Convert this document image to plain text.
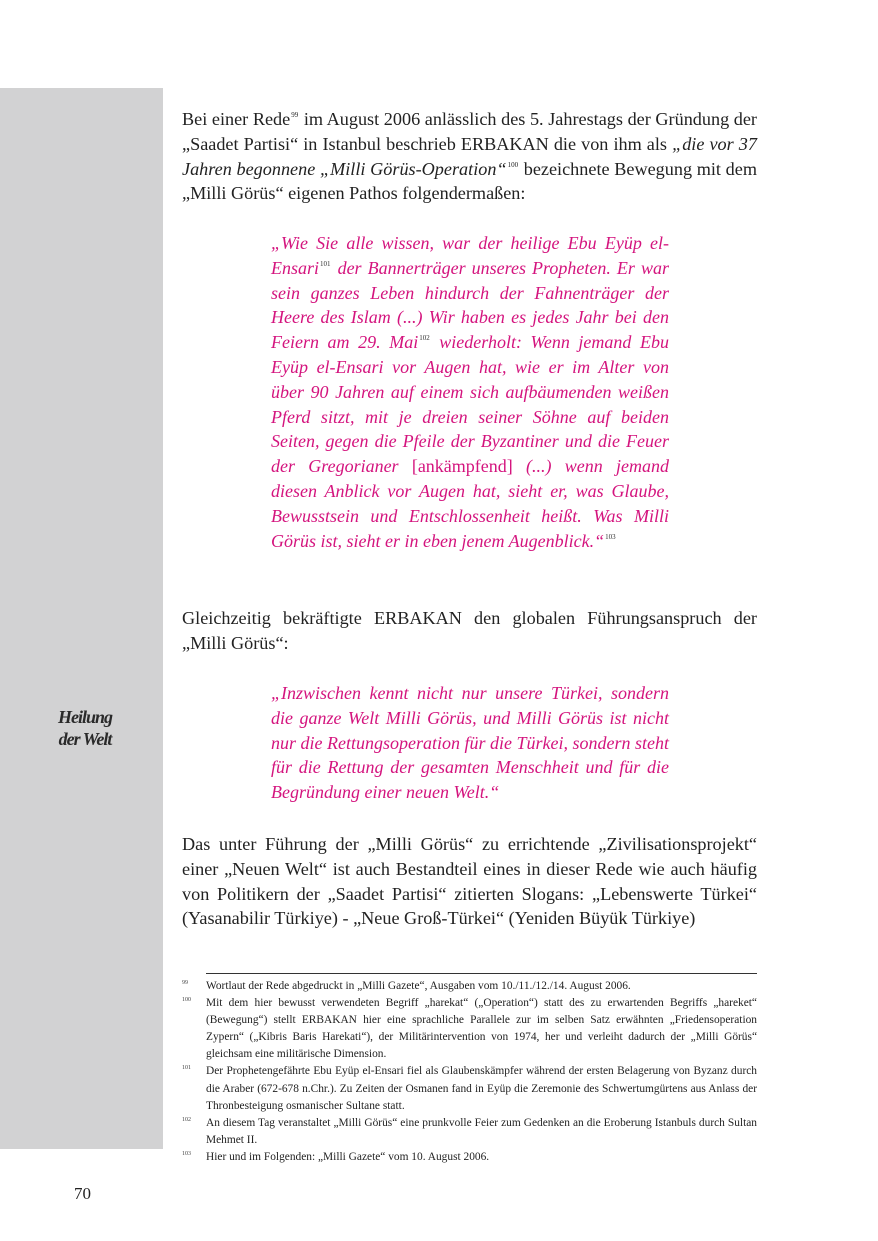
Heilung
der Welt

Bei einer Rede$^{99}$ im August 2006 anlässlich des 5. Jahrestags der Gründung der „Saadet Partisi“ in Istanbul beschrieb ERBAKAN die von ihm als „die vor 37 Jahren begonnene „Milli Görüs-Operation“$^{100}$ bezeichnete Bewegung mit dem „Milli Görüs“ eigenen Pathos folgendermaßen:

„Wie Sie alle wissen, war der heilige Ebu Eyüp el-Ensari$^{101}$ der Bannerträger unseres Propheten. Er war sein ganzes Leben hindurch der Fahnenträger der Heere des Islam (...) Wir haben es jedes Jahr bei den Feiern am 29. Mai$^{102}$ wiederholt: Wenn jemand Ebu Eyüp el-Ensari vor Augen hat, wie er im Alter von über 90 Jahren auf einem sich aufbäumenden weißen Pferd sitzt, mit je dreien seiner Söhne auf beiden Seiten, gegen die Pfeile der Byzantiner und die Feuer der Gregorianer [ankämpfend] (...) wenn jemand diesen Anblick vor Augen hat, sieht er, was Glaube, Bewusstsein und Entschlossenheit heißt. Was Milli Görüs ist, sieht er in eben jenem Augenblick.“$^{103}$

Gleichzeitig bekräftigte ERBAKAN den globalen Führungsanspruch der „Milli Görüs“:

„Inzwischen kennt nicht nur unsere Türkei, sondern die ganze Welt Milli Görüs, und Milli Görüs ist nicht nur die Rettungsoperation für die Türkei, sondern steht für die Rettung der gesamten Menschheit und für die Begründung einer neuen Welt.“

Das unter Führung der „Milli Görüs“ zu errichtende „Zivilisationsprojekt“ einer „Neuen Welt“ ist auch Bestandteil eines in dieser Rede wie auch häufig von Politikern der „Saadet Partisi“ zitierten Slogans: „Lebenswerte Türkei“ (Yasanabilir Türkiye) - „Neue Groß-Türkei“ (Yeniden Büyük Türkiye)

99 Wortlaut der Rede abgedruckt in „Milli Gazete“, Ausgaben vom 10./11./12./14. August 2006.
100 Mit dem hier bewusst verwendeten Begriff „harekat“ („Operation“) statt des zu erwartenden Begriffs „hareket“ (Bewegung“) stellt ERBAKAN hier eine sprachliche Parallele zur im selben Satz erwähnten „Friedensoperation Zypern“ („Kibris Baris Harekati“), der Militärintervention von 1974, her und verleiht dadurch der „Milli Görüs“ gleichsam eine militärische Dimension.
101 Der Prophetengefährte Ebu Eyüp el-Ensari fiel als Glaubenskämpfer während der ersten Belagerung von Byzanz durch die Araber (672-678 n.Chr.). Zu Zeiten der Osmanen fand in Eyüp die Zeremonie des Schwertumgürtens aus Anlass der Thronbesteigung osmanischer Sultane statt.
102 An diesem Tag veranstaltet „Milli Görüs“ eine prunkvolle Feier zum Gedenken an die Eroberung Istanbuls durch Sultan Mehmet II.
103 Hier und im Folgenden: „Milli Gazete“ vom 10. August 2006.
70
